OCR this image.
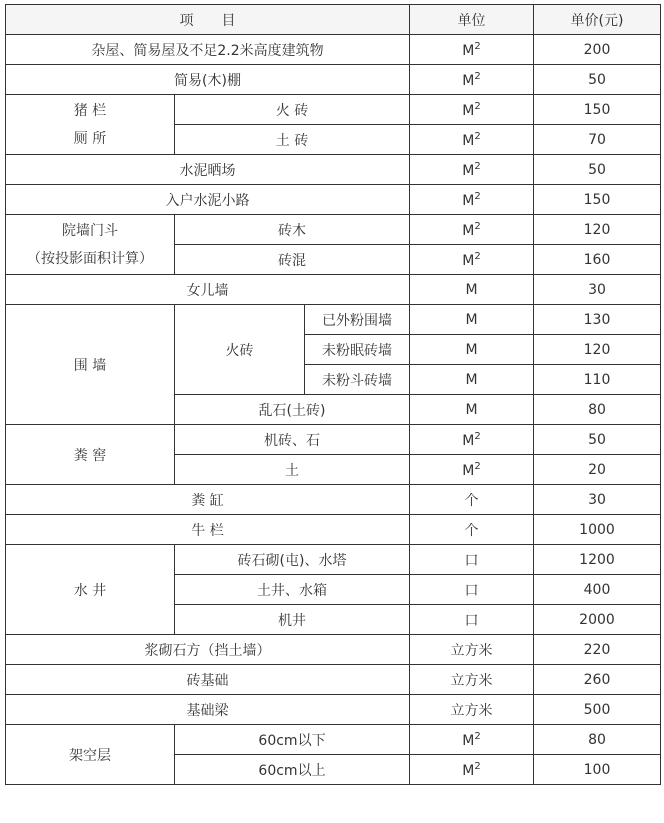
项　　目			单位	单价(元)
杂屋、简易屋及不足2.2米高度建筑物			$M^2$	200
简易(木)棚			$M^2$	50

猪 栏
厕 所	火 砖		$M^2$	150
	土 砖		$M^2$	70
水泥晒场			$M^2$	50
入户水泥小路			$M^2$	150

院墙门斗
（按投影面积计算）	砖木		$M^2$	120
	砖混		$M^2$	160
女儿墙			M	30
围 墙	火砖	已外粉围墙	M	130
		未粉眠砖墙	M	120
		未粉斗砖墙	M	110
	乱石(土砖)		M	80
粪 窖	机砖、石		$M^2$	50
	土		$M^2$	20
粪 缸			个	30
牛 栏			个	1000
水 井	砖石砌(屯)、水塔		口	1200
	土井、水箱		口	400
	机井		口	2000
浆砌石方（挡土墙）			立方米	220
砖基础			立方米	260
基础梁			立方米	500
架空层	60cm以下		$M^2$	80
	60cm以上		$M^2$	100
